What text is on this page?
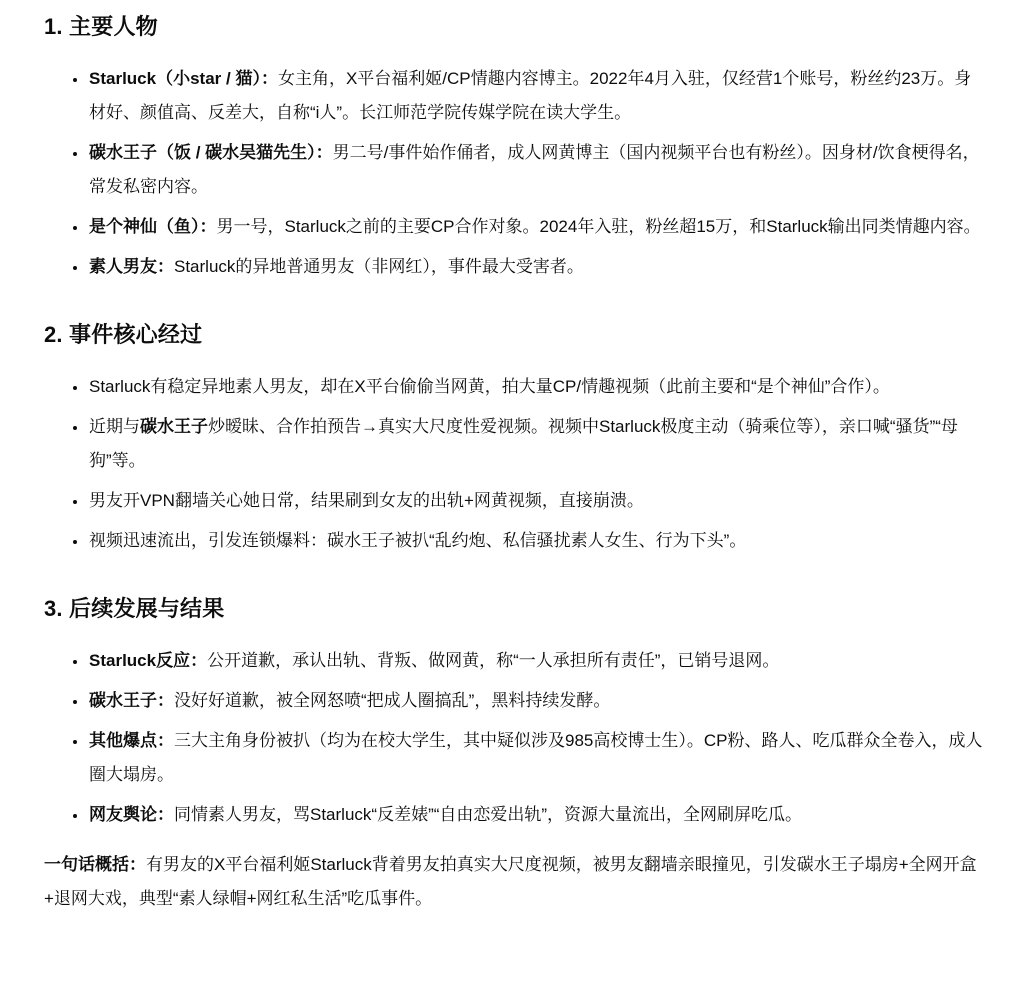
1. 主要人物
• Starluck（小star / 猫）：女主角，X平台福利姬/CP情趣内容博主。2022年4月入驻，仅经营1个账号，粉丝约23万。身材好、颜值高、反差大，自称“i人”。长江师范学院传媒学院在读大学生。
• 碳水王子（饭 / 碳水吴猫先生）：男二号/事件始作俑者，成人网黄博主（国内视频平台也有粉丝）。因身材/饮食梗得名，常发私密内容。
• 是个神仙（鱼）：男一号，Starluck之前的主要CP合作对象。2024年入驻，粉丝超15万，和Starluck输出同类情趣内容。
• 素人男友：Starluck的异地普通男友（非网红），事件最大受害者。
2. 事件核心经过
• Starluck有稳定异地素人男友，却在X平台偷偷当网黄，拍大量CP/情趣视频（此前主要和“是个神仙”合作）。
• 近期与碳水王子炒暧昧、合作拍预告→真实大尺度性爱视频。视频中Starluck极度主动（骑乘位等），亲口喊“骚货”“母狗”等。
• 男友开VPN翻墙关心她日常，结果刷到女友的出轨+网黄视频，直接崩溃。
• 视频迅速流出，引发连锁爆料：碳水王子被扒“乱约炮、私信骚扰素人女生、行为下头”。
3. 后续发展与结果
• Starluck反应：公开道歉，承认出轨、背叛、做网黄，称“一人承担所有责任”，已销号退网。
• 碳水王子：没好好道歉，被全网怒喷“把成人圈搞乱”，黑料持续发酵。
• 其他爆点：三大主角身份被扒（均为在校大学生，其中疑似涉及985高校博士生）。CP粉、路人、吃瓜群众全卷入，成人圈大塌房。
• 网友舆论：同情素人男友，骂Starluck“反差婊”“自由恋爱出轨”，资源大量流出，全网刷屏吃瓜。

一句话概括：有男友的X平台福利姬Starluck背着男友拍真实大尺度视频，被男友翻墙亲眼撞见，引发碳水王子塌房+全网开盒+退网大戏，典型“素人绿帽+网红私生活”吃瓜事件。
